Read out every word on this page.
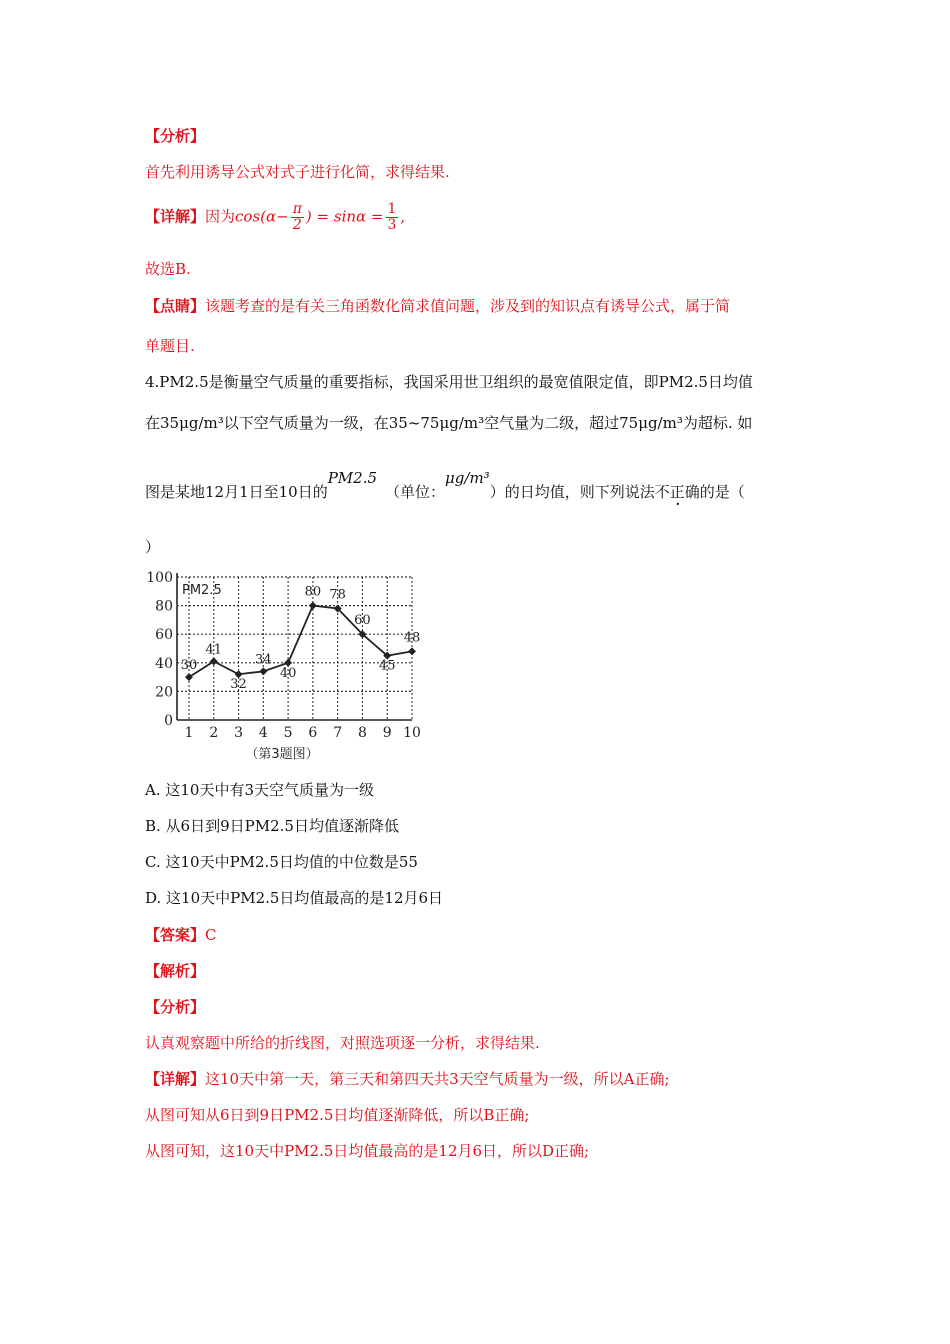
【分析】
首先利用诱导公式对式子进行化简，求得结果.
【详解】因为$\cos(\alpha- \frac{\pi}{2}$ ) = $\sin\alpha = \frac{1}{3}$ ,
故选B.
【点睛】该题考查的是有关三角函数化简求值问题，涉及到的知识点有诱导公式，属于简
单题目.
4.PM2.5是衡量空气质量的重要指标，我国采用世卫组织的最宽值限定值，即PM2.5日均值
在35μg/m³以下空气质量为一级，在35~75μg/m³空气量为二级，超过75μg/m³为超标. 如
图是某地12月1日至10日的PM2.5（单位：μg/m³）的日均值，则下列说法不正确的是（
）
0
20
40
60
80
100
1 2 3 4 5 6 7 8 9 10
30
41
32
34
40
80 78
60
45
48
PM2.5
（第3题图）
A. 这10天中有3天空气质量为一级
B. 从6日到9日PM2.5日均值逐渐降低
C. 这10天中PM2.5日均值的中位数是55
D. 这10天中PM2.5日均值最高的是12月6日
【答案】C
【解析】
【分析】
认真观察题中所给的折线图，对照选项逐一分析，求得结果.
【详解】这10天中第一天，第三天和第四天共3天空气质量为一级，所以A正确;
从图可知从6日到9日PM2.5日均值逐渐降低，所以B正确;
从图可知，这10天中PM2.5日均值最高的是12月6日，所以D正确;
